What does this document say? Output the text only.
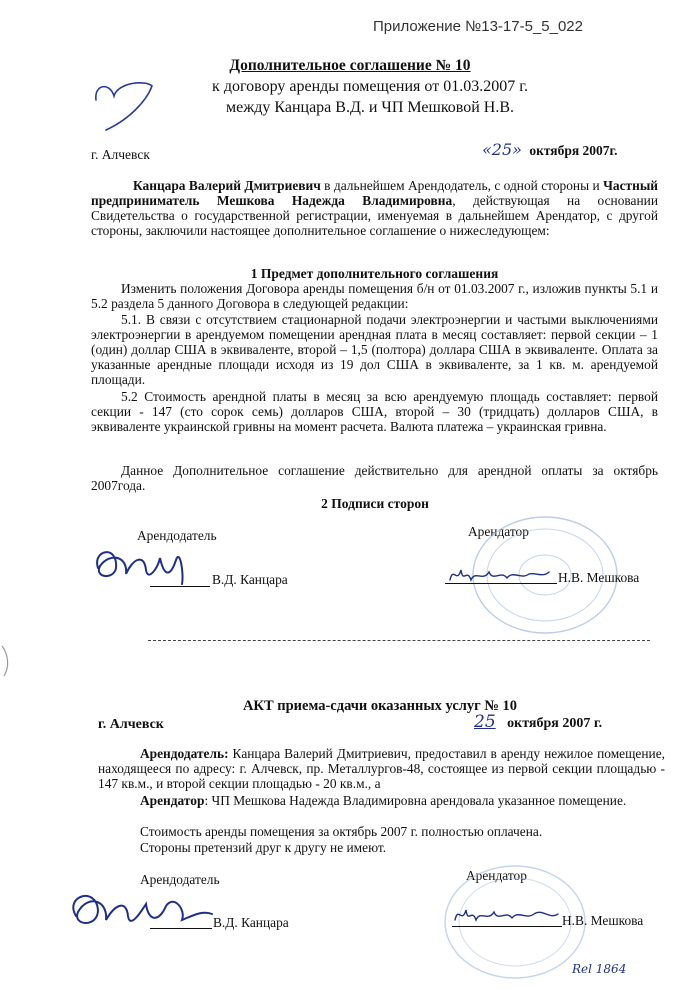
Приложение №13-17-5_5_022
Дополнительное соглашение № 10
к договору аренды помещения от 01.03.2007 г.
между Канцара В.Д. и ЧП Мешковой Н.В.
г. Алчевск	«25» октября 2007г.
Канцара Валерий Дмитриевич в дальнейшем Арендодатель, с одной стороны и Частный предприниматель Мешкова Надежда Владимировна, действующая на основании Свидетельства о государственной регистрации, именуемая в дальнейшем Арендатор, с другой стороны, заключили настоящее дополнительное соглашение о нижеследующем:
1 Предмет дополнительного соглашения
Изменить положения Договора аренды помещения б/н от 01.03.2007 г., изложив пункты 5.1 и 5.2 раздела 5 данного Договора в следующей редакции:
5.1. В связи с отсутствием стационарной подачи электроэнергии и частыми выключениями электроэнергии в арендуемом помещении арендная плата в месяц составляет: первой секции – 1 (один) доллар США в эквиваленте, второй – 1,5 (полтора) доллара США в эквиваленте. Оплата за указанные арендные площади исходя из 19 дол США в эквиваленте, за 1 кв. м. арендуемой площади.
5.2 Стоимость арендной платы в месяц за всю арендуемую площадь составляет: первой секции - 147 (сто сорок семь) долларов США, второй – 30 (тридцать) долларов США, в эквиваленте украинской гривны на момент расчета. Валюта платежа – украинская гривна.
Данное Дополнительное соглашение действительно для арендной оплаты за октябрь 2007года.
2 Подписи сторон
Арендодатель	Арендатор
В.Д. Канцара	Н.В. Мешкова
АКТ приема-сдачи оказанных услуг № 10
г. Алчевск	25 октября 2007 г.
Арендодатель: Канцара Валерий Дмитриевич, предоставил в аренду нежилое помещение, находящееся по адресу: г. Алчевск, пр. Металлургов-48, состоящее из первой секции площадью - 147 кв.м., и второй секции площадью - 20 кв.м., а
Арендатор: ЧП Мешкова Надежда Владимировна арендовала указанное помещение.
Стоимость аренды помещения за октябрь 2007 г. полностью оплачена.
Стороны претензий друг к другу не имеют.
Арендодатель	Арендатор
В.Д. Канцара	Н.В. Мешкова
Rel 1864
